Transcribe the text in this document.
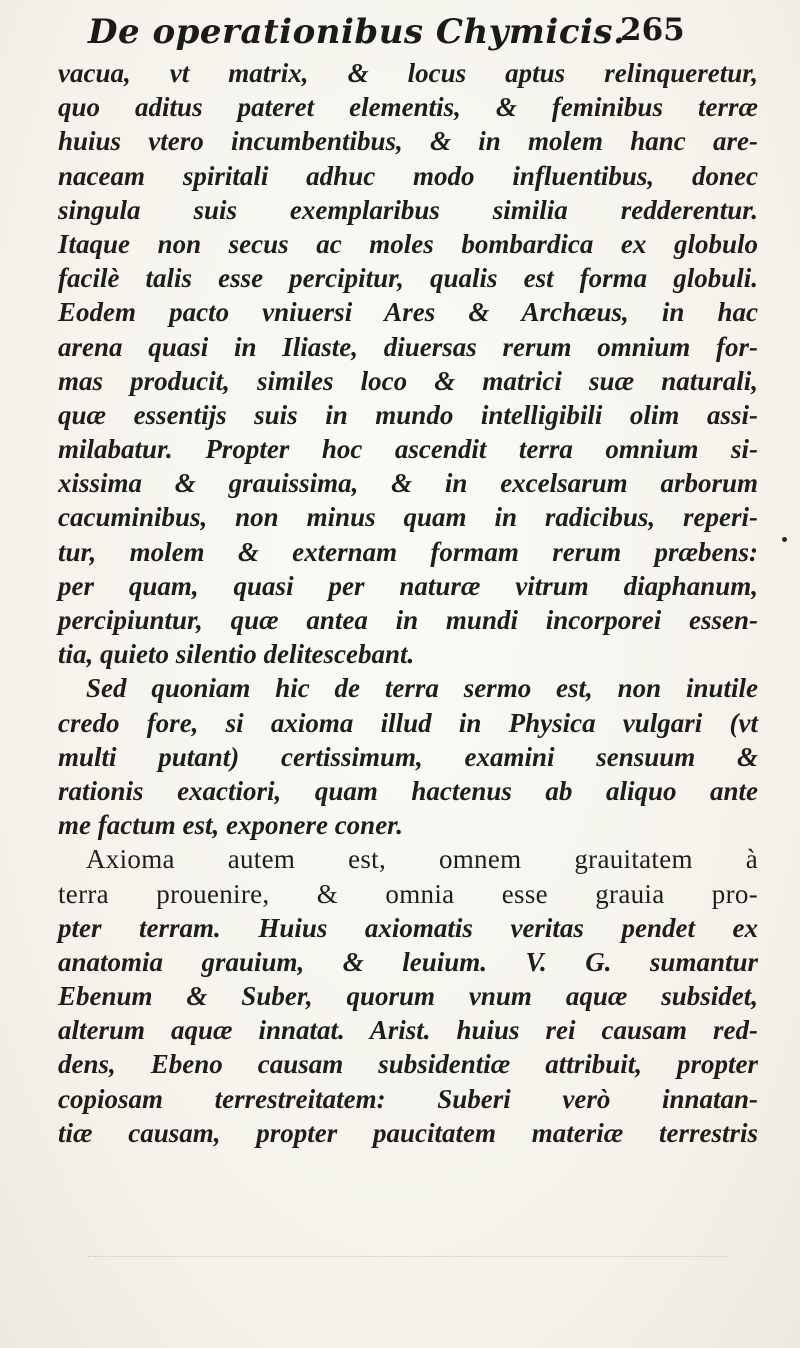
De operationibus Chymicis.
265
vacua, vt matrix, & locus aptus relinqueretur,
quo aditus pateret elementis, & feminibus terræ
huius vtero incumbentibus, & in molem hanc are-
naceam spiritali adhuc modo influentibus, donec
singula suis exemplaribus similia redderentur.
Itaque non secus ac moles bombardica ex globulo
facilè talis esse percipitur, qualis est forma globuli.
Eodem pacto vniuersi Ares & Archæus, in hac
arena quasi in Iliaste, diuersas rerum omnium for-
mas producit, similes loco & matrici suæ naturali,
quæ essentijs suis in mundo intelligibili olim assi-
milabatur. Propter hoc ascendit terra omnium si-
xissima & grauissima, & in excelsarum arborum
cacuminibus, non minus quam in radicibus, reperi-
tur, molem & externam formam rerum præbens:
per quam, quasi per naturæ vitrum diaphanum,
percipiuntur, quæ antea in mundi incorporei essen-
tia, quieto silentio delitescebant.
Sed quoniam hic de terra sermo est, non inutile
credo fore, si axioma illud in Physica vulgari (vt
multi putant) certissimum, examini sensuum &
rationis exactiori, quam hactenus ab aliquo ante
me factum est, exponere coner.
Axioma autem est, omnem grauitatem à
terra prouenire, & omnia esse grauia pro-
pter terram. Huius axiomatis veritas pendet ex
anatomia grauium, & leuium. V. G. sumantur
Ebenum & Suber, quorum vnum aquæ subsidet,
alterum aquæ innatat. Arist. huius rei causam red-
dens, Ebeno causam subsidentiæ attribuit, propter
copiosam terrestreitatem: Suberi verò innatan-
tiæ causam, propter paucitatem materiæ terrestris
